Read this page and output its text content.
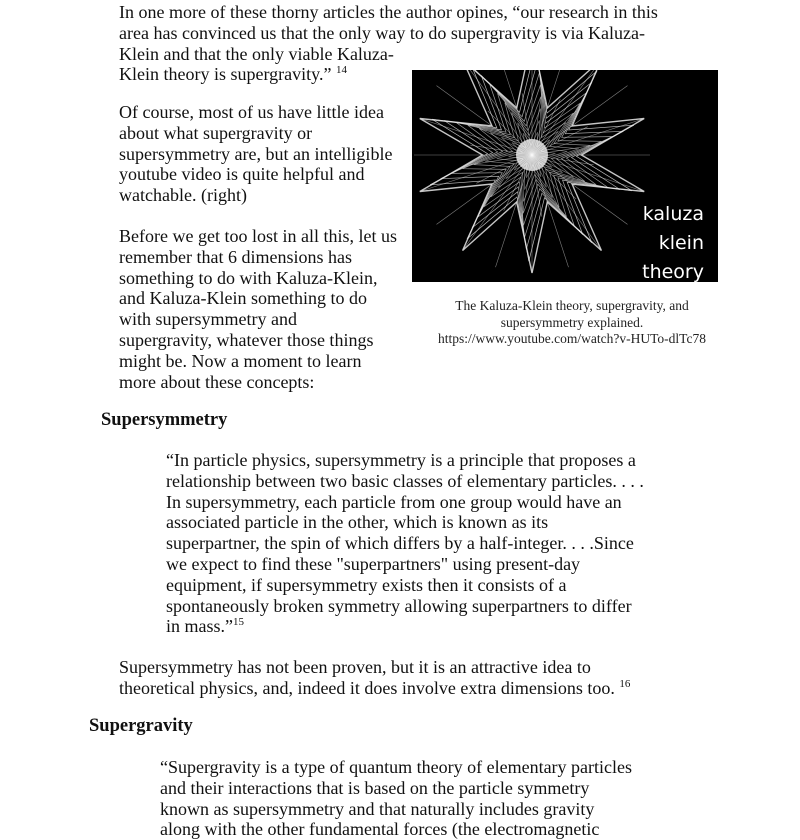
In one more of these thorny articles the author opines, “our research in this
area has convinced us that the only way to do supergravity is via Kaluza-
Klein and that the only viable Kaluza-
Klein theory is supergravity.” $^{14}$

Of course, most of us have little idea
about what supergravity or
supersymmetry are, but an intelligible
youtube video is quite helpful and
watchable. (right)

Before we get too lost in all this, let us
remember that 6 dimensions has
something to do with Kaluza-Klein,
and Kaluza-Klein something to do
with supersymmetry and
supergravity, whatever those things
might be. Now a moment to learn
more about these concepts:

kaluza
klein
theory
The Kaluza-Klein theory, supergravity, and
supersymmetry explained.
https://www.youtube.com/watch?v-HUTo-dlTc78
Supersymmetry

“In particle physics, supersymmetry is a principle that proposes a
relationship between two basic classes of elementary particles. . . .
In supersymmetry, each particle from one group would have an
associated particle in the other, which is known as its
superpartner, the spin of which differs by a half-integer. . . .Since
we expect to find these "superpartners" using present-day
equipment, if supersymmetry exists then it consists of a
spontaneously broken symmetry allowing superpartners to differ
in mass.”$^{15}$

Supersymmetry has not been proven, but it is an attractive idea to
theoretical physics, and, indeed it does involve extra dimensions too. $^{16}$

Supergravity

“Supergravity is a type of quantum theory of elementary particles
and their interactions that is based on the particle symmetry
known as supersymmetry and that naturally includes gravity
along with the other fundamental forces (the electromagnetic
